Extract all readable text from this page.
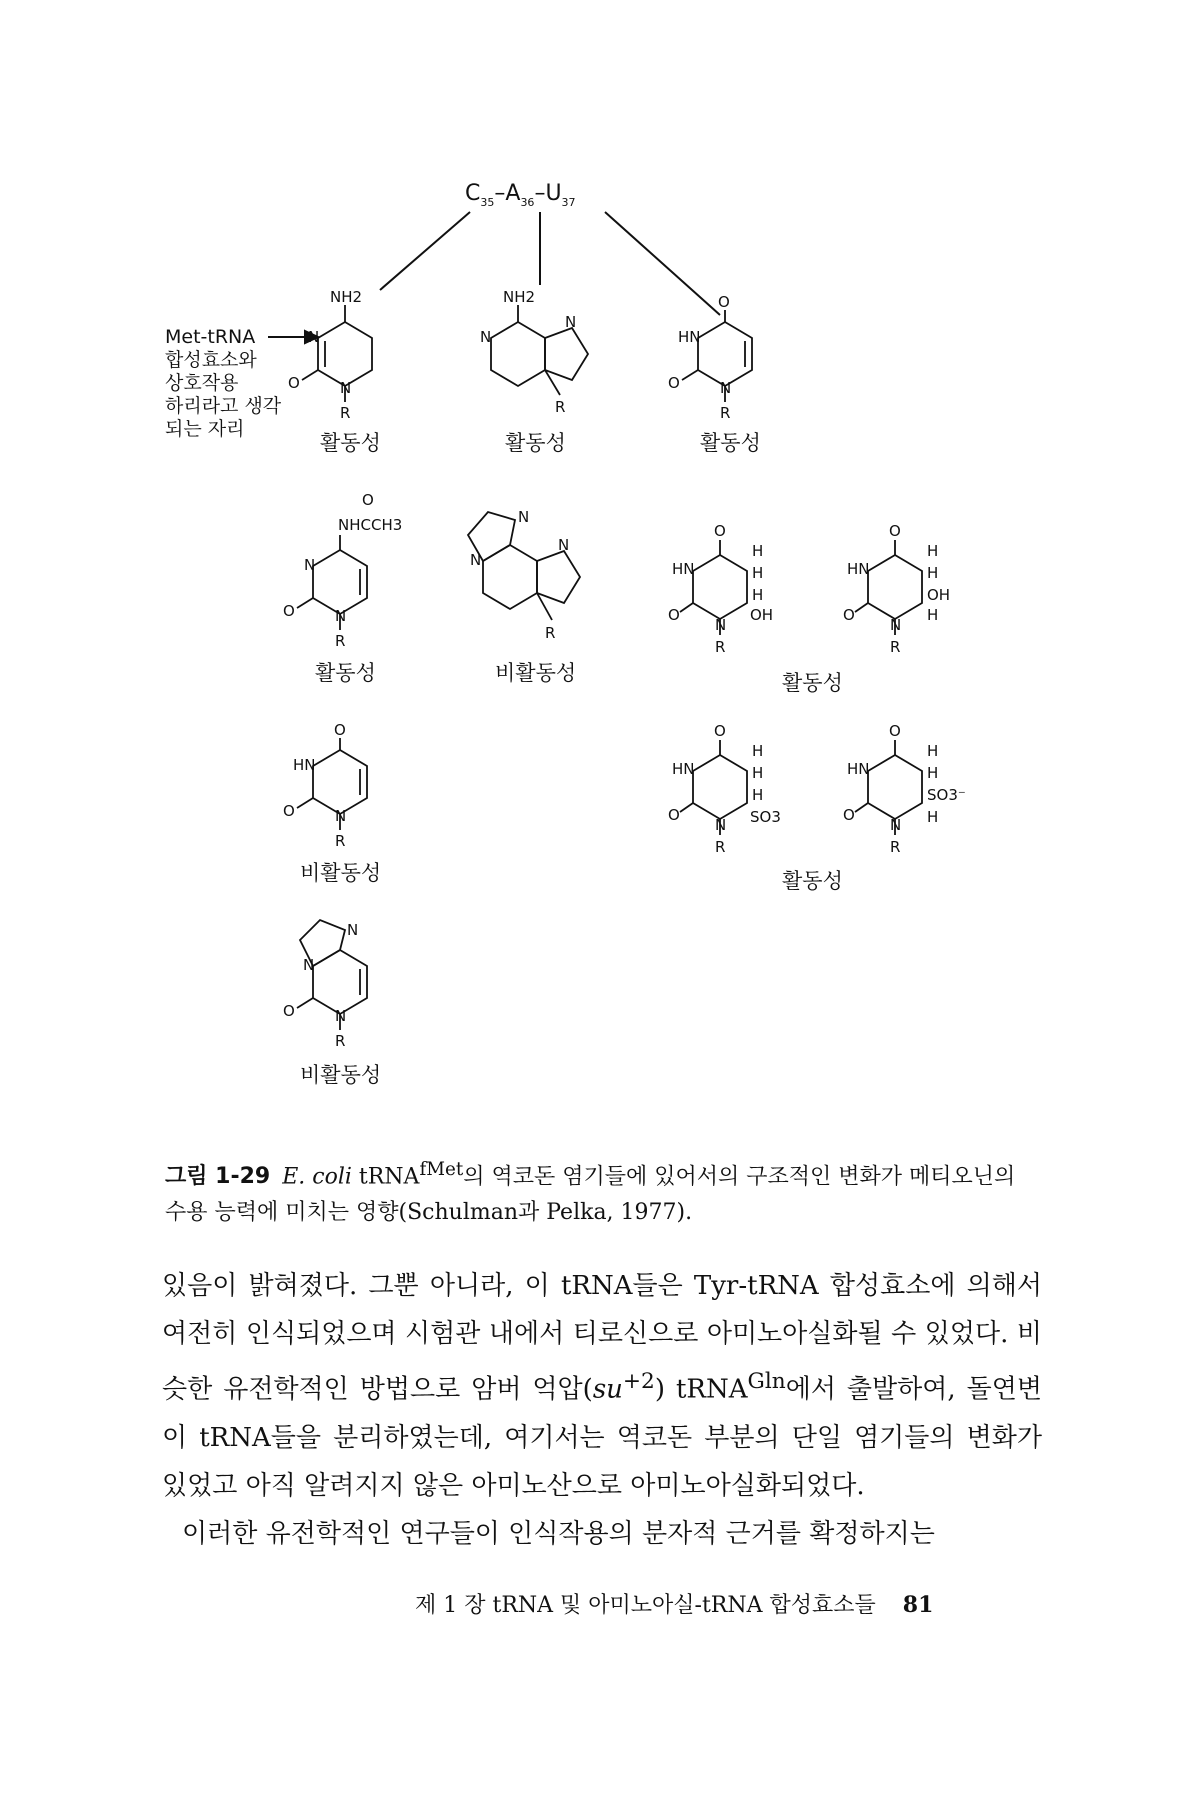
$C_{35}-A_{36}-U_{37}$
Met-tRNA
합성효소와
상호작용
하리라고 생각
되는 자리
NH2
N
O	N
R
활동성
NH2
N
N
R
활동성
O
HN
O	N
R
활동성
O
NHCCH3
N
O	N
R
활동성
N
N
N
R
비활동성
O
HN
H
H
H
OH
O
N
R
O
HN
H
H
OH
H
O
N
R
활동성
O
HN
O	N
R
비활동성
O
HN
H
H
H
SO3
O
N
R
O
HN
H
H
SO3⁻
H
O
N
R
활동성
N
N
O	N
R
비활동성
그림 1-29 E. coli tRNA$^{fMet}$의 역코돈 염기들에 있어서의 구조적인 변화가 메티오닌의 수용 능력에 미치는 영향(Schulman과 Pelka, 1977).

있음이 밝혀졌다. 그뿐 아니라, 이 tRNA들은 Tyr-tRNA 합성효소에 의해서 여전히 인식되었으며 시험관 내에서 티로신으로 아미노아실화될 수 있었다. 비슷한 유전학적인 방법으로 암버 억압$(su^{+2})$ tRNA$^{Gln}$에서 출발하여, 돌연변이 tRNA들을 분리하였는데, 여기서는 역코돈 부분의 단일 염기들의 변화가 있었고 아직 알려지지 않은 아미노산으로 아미노아실화되었다.

이러한 유전학적인 연구들이 인식작용의 분자적 근거를 확정하지는

제 1 장 tRNA 및 아미노아실-tRNA 합성효소들 81
